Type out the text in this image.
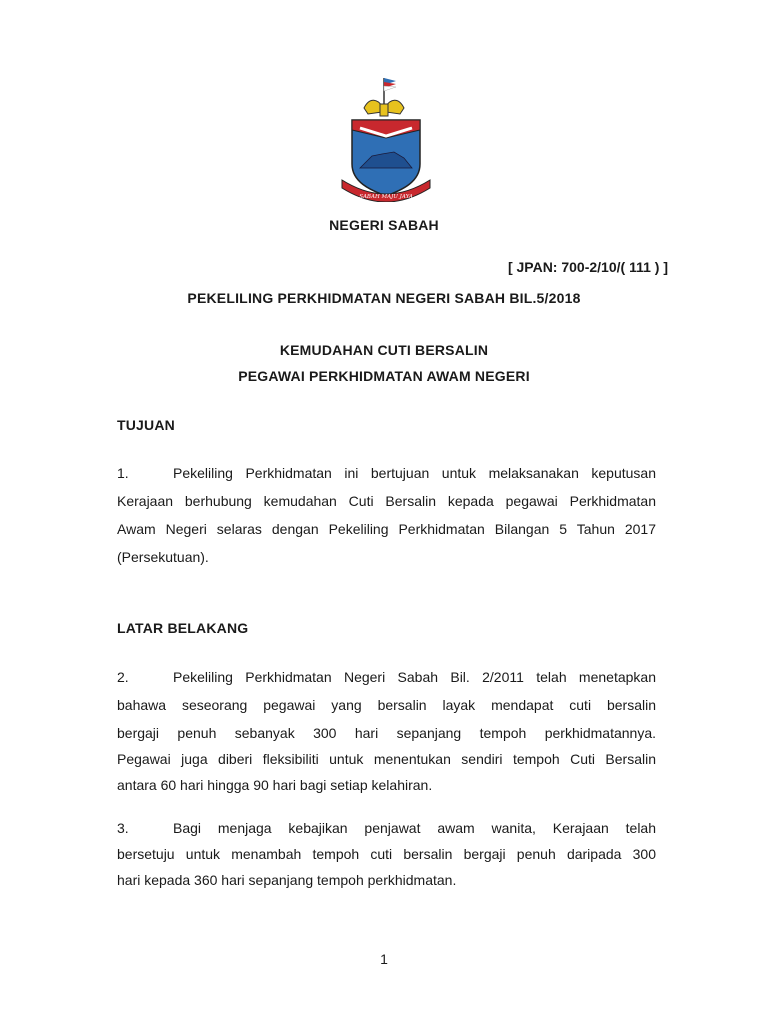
SABAH MAJU JAYA
NEGERI SABAH
[ JPAN: 700-2/10/( 111 ) ]
PEKELILING PERKHIDMATAN NEGERI SABAH BIL.5/2018
KEMUDAHAN CUTI BERSALIN
PEGAWAI PERKHIDMATAN AWAM NEGERI
TUJUAN
1.	Pekeliling Perkhidmatan ini bertujuan untuk melaksanakan keputusan
Kerajaan berhubung kemudahan Cuti Bersalin kepada pegawai Perkhidmatan
Awam Negeri selaras dengan Pekeliling Perkhidmatan Bilangan 5 Tahun 2017
(Persekutuan).
LATAR BELAKANG
2.	Pekeliling Perkhidmatan Negeri Sabah Bil. 2/2011 telah menetapkan
bahawa seseorang pegawai yang bersalin layak mendapat cuti bersalin
bergaji penuh sebanyak 300 hari sepanjang tempoh perkhidmatannya.
Pegawai juga diberi fleksibiliti untuk menentukan sendiri tempoh Cuti Bersalin
antara 60 hari hingga 90 hari bagi setiap kelahiran.
3.	Bagi menjaga kebajikan penjawat awam wanita, Kerajaan telah
bersetuju untuk menambah tempoh cuti bersalin bergaji penuh daripada 300
hari kepada 360 hari sepanjang tempoh perkhidmatan.
1
